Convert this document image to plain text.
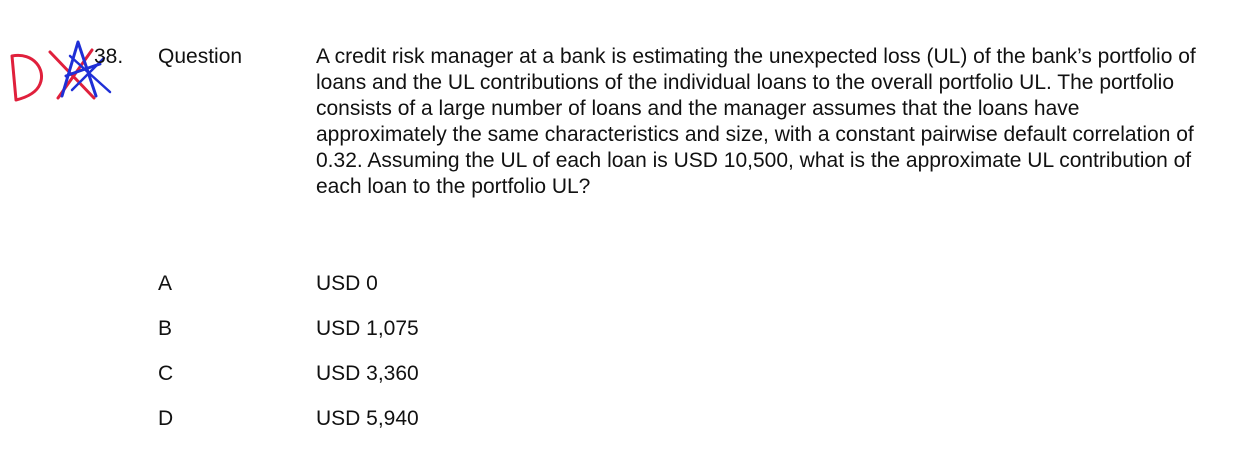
38. Question	A credit risk manager at a bank is estimating the unexpected loss (UL) of the bank’s portfolio of loans and the UL contributions of the individual loans to the overall portfolio UL. The portfolio consists of a large number of loans and the manager assumes that the loans have approximately the same characteristics and size, with a constant pairwise default correlation of 0.32. Assuming the UL of each loan is USD 10,500, what is the approximate UL contribution of each loan to the portfolio UL?

A	USD 0
B	USD 1,075
C	USD 3,360
D	USD 5,940
